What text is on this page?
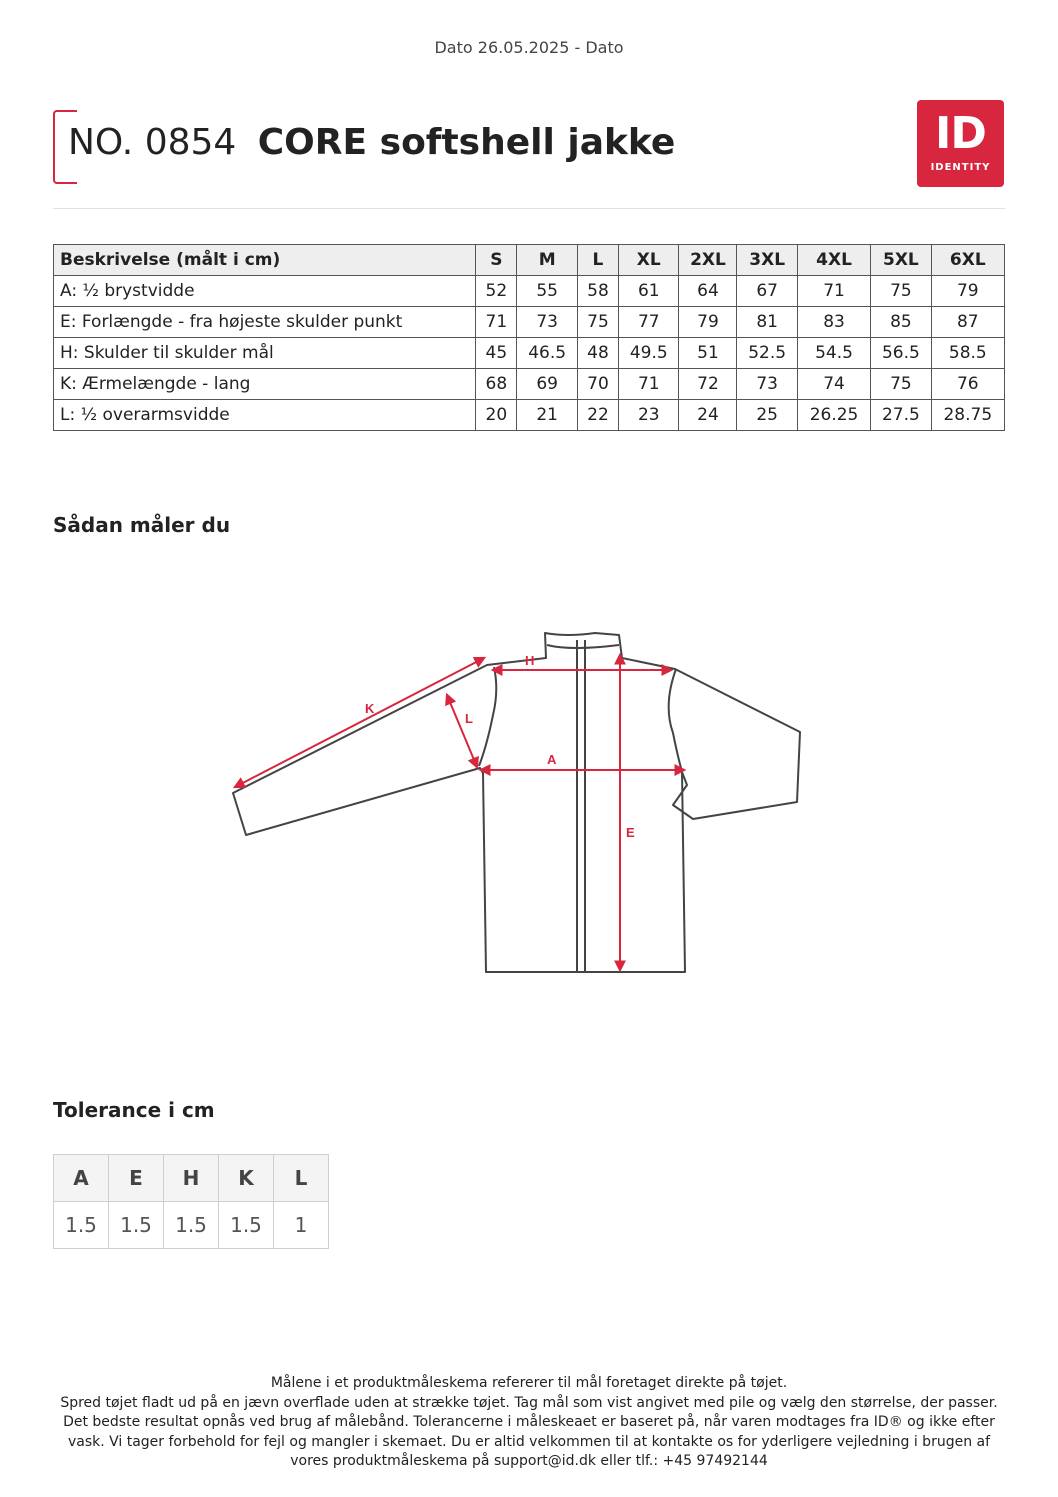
Dato 26.05.2025 - Dato
NO. 0854 CORE softshell jakke	ID
IDENTITY
Beskrivelse (målt i cm)	S	M	L	XL	2XL	3XL	4XL	5XL	6XL
A: ½ brystvidde	52	55	58	61	64	67	71	75	79
E: Forlængde - fra højeste skulder punkt	71	73	75	77	79	81	83	85	87
H: Skulder til skulder mål	45	46.5	48	49.5	51	52.5	54.5	56.5	58.5
K: Ærmelængde - lang	68	69	70	71	72	73	74	75	76
L: ½ overarmsvidde	20	21	22	23	24	25	26.25	27.5	28.75
Sådan måler du
K
L
H
A
E
Tolerance i cm
A	E	H	K	L
1.5	1.5	1.5	1.5	1
Målene i et produktmåleskema refererer til mål foretaget direkte på tøjet.
Spred tøjet fladt ud på en jævn overflade uden at strække tøjet. Tag mål som vist angivet med pile og vælg den størrelse, der passer. Det bedste resultat opnås ved brug af målebånd. Tolerancerne i måleskeaet er baseret på, når varen modtages fra ID® og ikke efter vask. Vi tager forbehold for fejl og mangler i skemaet. Du er altid velkommen til at kontakte os for yderligere vejledning i brugen af vores produktmåleskema på support@id.dk eller tlf.: +45 97492144
